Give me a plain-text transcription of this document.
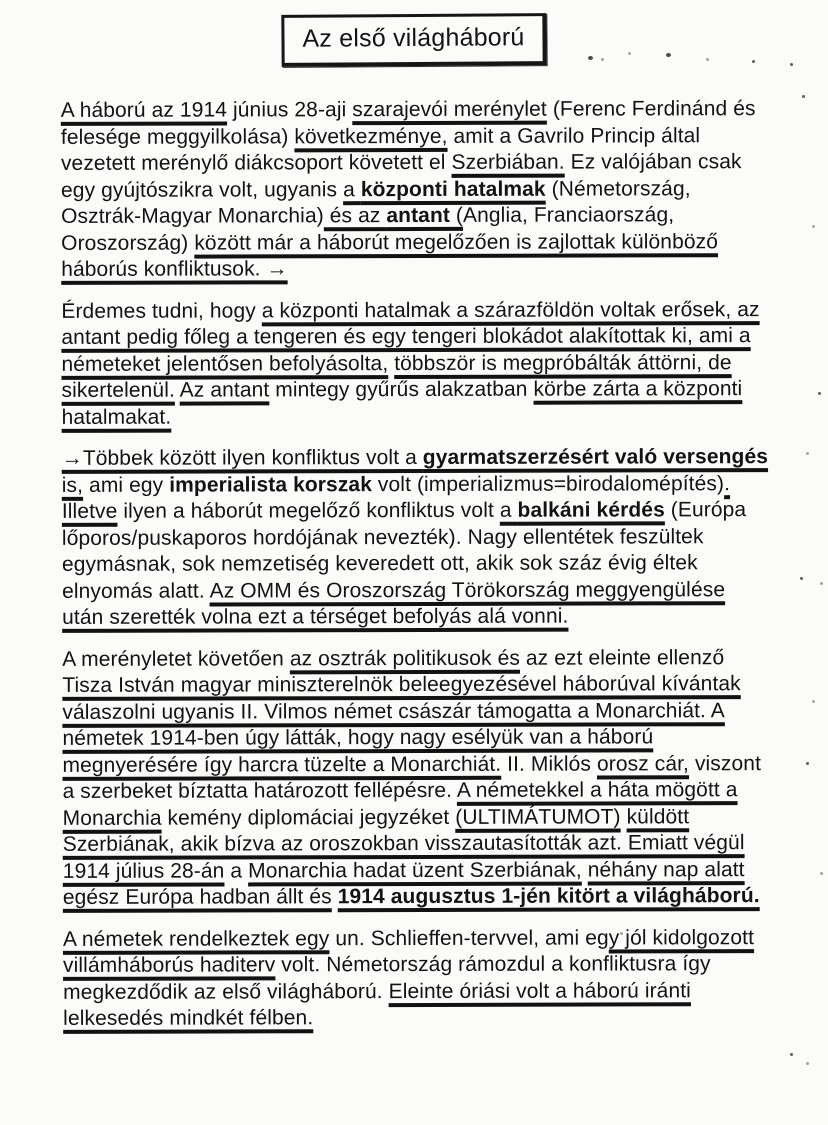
Az első világháború

A háború az 1914 június 28-aji szarajevói merénylet (Ferenc Ferdinánd és felesége meggyilkolása) következménye, amit a Gavrilo Princip által vezetett merénylő diákcsoport követett el Szerbiában. Ez valójában csak egy gyújtószikra volt, ugyanis a központi hatalmak (Németország, Osztrák-Magyar Monarchia) és az antant (Anglia, Franciaország, Oroszország) között már a háborút megelőzően is zajlottak különböző háborús konfliktusok. →

Érdemes tudni, hogy a központi hatalmak a szárazföldön voltak erősek, az antant pedig főleg a tengeren és egy tengeri blokádot alakítottak ki, ami a németeket jelentősen befolyásolta, többször is megpróbálták áttörni, de sikertelenül. Az antant mintegy gyűrűs alakzatban körbe zárta a központi hatalmakat.

→Többek között ilyen konfliktus volt a gyarmatszerzésért való versengés is, ami egy imperialista korszak volt (imperializmus=birodalomépítés). Illetve ilyen a háborút megelőző konfliktus volt a balkáni kérdés (Európa lőporos/puskaporos hordójának nevezték). Nagy ellentétek feszültek egymásnak, sok nemzetiség keveredett ott, akik sok száz évig éltek elnyomás alatt. Az OMM és Oroszország Törökország meggyengülése után szerették volna ezt a térséget befolyás alá vonni.

A merényletet követően az osztrák politikusok és az ezt eleinte ellenző Tisza István magyar miniszterelnök beleegyezésével háborúval kívántak válaszolni ugyanis II. Vilmos német császár támogatta a Monarchiát. A németek 1914-ben úgy látták, hogy nagy esélyük van a háború megnyerésére így harcra tüzelte a Monarchiát. II. Miklós orosz cár, viszont a szerbeket bíztatta határozott fellépésre. A németekkel a háta mögött a Monarchia kemény diplomáciai jegyzéket (ULTIMÁTUMOT) küldött Szerbiának, akik bízva az oroszokban visszautasították azt. Emiatt végül 1914 július 28-án a Monarchia hadat üzent Szerbiának, néhány nap alatt egész Európa hadban állt és 1914 augusztus 1-jén kitört a világháború.

A németek rendelkeztek egy un. Schlieffen-tervvel, ami egy jól kidolgozott villámháborús haditerv volt. Németország rámozdul a konfliktusra így megkezdődik az első világháború. Eleinte óriási volt a háború iránti lelkesedés mindkét félben.
